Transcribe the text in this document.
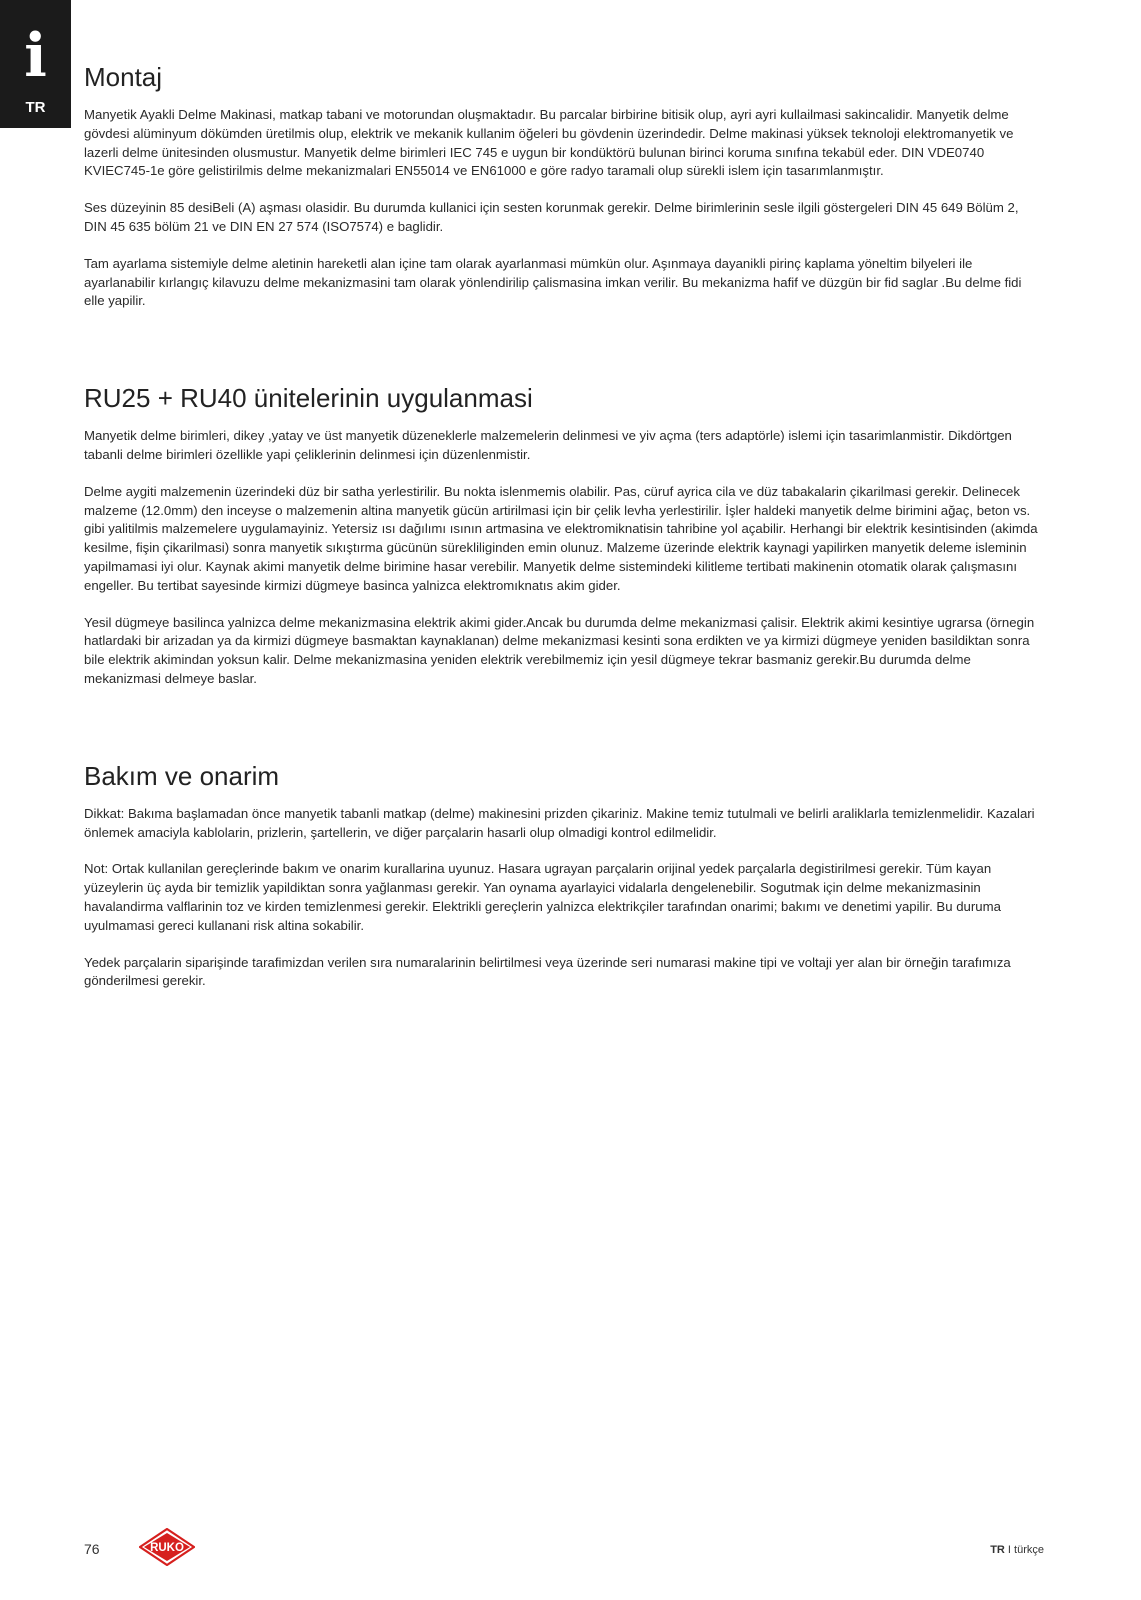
i
TR
Montaj

Manyetik Ayakli Delme Makinasi, matkap tabani ve motorundan oluşmaktadır. Bu parcalar birbirine bitisik olup, ayri ayri kullailmasi sakincalidir. Manyetik delme gövdesi alüminyum dökümden üretilmis olup, elektrik ve mekanik kullanim öğeleri bu gövdenin üzerindedir. Delme makinasi yüksek teknoloji elektromanyetik ve lazerli delme ünitesinden olusmustur. Manyetik delme birimleri IEC 745 e uygun bir kondüktörü bulunan birinci koruma sınıfına tekabül eder. DIN VDE0740 KVIEC745-1e göre gelistirilmis delme mekanizmalari EN55014 ve EN61000 e göre radyo taramali olup sürekli islem için tasarımlanmıştır.

Ses düzeyinin 85 desiBeli (A) aşması olasidir. Bu durumda kullanici için sesten korunmak gerekir. Delme birimlerinin sesle ilgili göstergeleri DIN 45 649 Bölüm 2, DIN 45 635 bölüm 21 ve DIN EN 27 574 (ISO7574) e baglidir.

Tam ayarlama sistemiyle delme aletinin hareketli alan içine tam olarak ayarlanmasi mümkün olur. Aşınmaya dayanikli pirinç kaplama yöneltim bilyeleri ile ayarlanabilir kırlangıç kilavuzu delme mekanizmasini tam olarak yönlendirilip çalismasina imkan verilir. Bu mekanizma hafif ve düzgün bir fid saglar .Bu delme fidi elle yapilir.

RU25 + RU40 ünitelerinin uygulanmasi

Manyetik delme birimleri, dikey ,yatay ve üst manyetik düzeneklerle malzemelerin delinmesi ve yiv açma (ters adaptörle) islemi için tasarimlanmistir. Dikdörtgen tabanli delme birimleri özellikle yapi çeliklerinin delinmesi için düzenlenmistir.

Delme aygiti malzemenin üzerindeki düz bir satha yerlestirilir. Bu nokta islenmemis olabilir. Pas, cüruf ayrica cila ve düz tabakalarin çikarilmasi gerekir. Delinecek malzeme (12.0mm) den inceyse o malzemenin altina manyetik gücün artirilmasi için bir çelik levha yerlestirilir. İşler haldeki manyetik delme birimini ağaç, beton vs. gibi yalitilmis malzemelere uygulamayiniz. Yetersiz ısı dağılımı ısının artmasina ve elektromiknatisin tahribine yol açabilir. Herhangi bir elektrik kesintisinden (akimda kesilme, fişin çikarilmasi) sonra manyetik sıkıştırma gücünün sürekliliginden emin olunuz. Malzeme üzerinde elektrik kaynagi yapilirken manyetik deleme isleminin yapilmamasi iyi olur. Kaynak akimi manyetik delme birimine hasar verebilir. Manyetik delme sistemindeki kilitleme tertibati makinenin otomatik olarak çalışmasını engeller. Bu tertibat sayesinde kirmizi dügmeye basinca yalnizca elektromıknatıs akim gider.

Yesil dügmeye basilinca yalnizca delme mekanizmasina elektrik akimi gider.Ancak bu durumda delme mekanizmasi çalisir. Elektrik akimi kesintiye ugrarsa (örnegin hatlardaki bir arizadan ya da kirmizi dügmeye basmaktan kaynaklanan) delme mekanizmasi kesinti sona erdikten ve ya kirmizi dügmeye yeniden basildiktan sonra bile elektrik akimindan yoksun kalir. Delme mekanizmasina yeniden elektrik verebilmemiz için yesil dügmeye tekrar basmaniz gerekir.Bu durumda delme mekanizmasi delmeye baslar.

Bakım ve onarim

Dikkat: Bakıma başlamadan önce manyetik tabanli matkap (delme) makinesini prizden çikariniz. Makine temiz tutulmali ve belirli araliklarla temizlenmelidir. Kazalari önlemek amaciyla kablolarin, prizlerin, şartellerin, ve diğer parçalarin hasarli olup olmadigi kontrol edilmelidir.

Not: Ortak kullanilan gereçlerinde bakım ve onarim kurallarina uyunuz. Hasara ugrayan parçalarin orijinal yedek parçalarla degistirilmesi gerekir. Tüm kayan yüzeylerin üç ayda bir temizlik yapildiktan sonra yağlanması gerekir. Yan oynama ayarlayici vidalarla dengelenebilir. Sogutmak için delme mekanizmasinin havalandirma valflarinin toz ve kirden temizlenmesi gerekir. Elektrikli gereçlerin yalnizca elektrikçiler tarafından onarimi; bakımı ve denetimi yapilir. Bu duruma uyulmamasi gereci kullanani risk altina sokabilir.

Yedek parçalarin siparişinde tarafimizdan verilen sıra numaralarinin belirtilmesi veya üzerinde seri numarasi makine tipi ve voltaji yer alan bir örneğin tarafımıza gönderilmesi gerekir.

76	RUKO	TR I türkçe
